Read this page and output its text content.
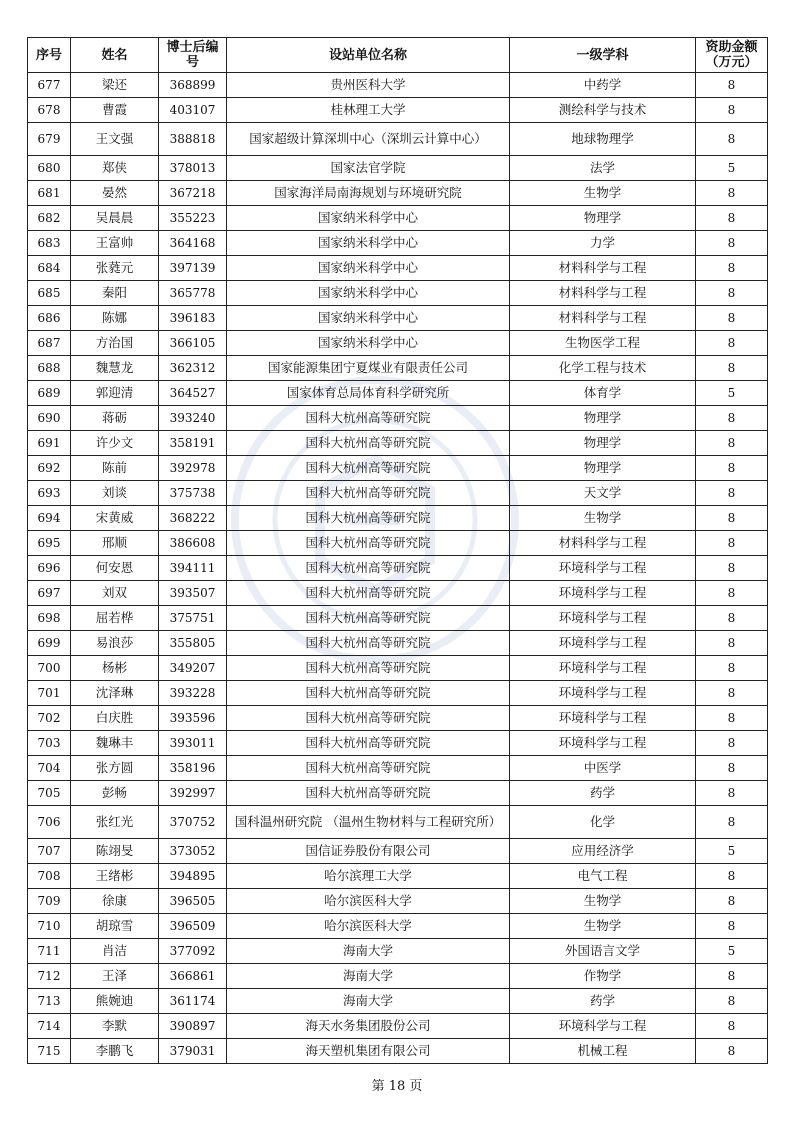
序号	姓名	博士后编号	设站单位名称	一级学科	资助金额（万元）
677	梁还	368899	贵州医科大学	中药学	8
678	曹霞	403107	桂林理工大学	测绘科学与技术	8
679	王文强	388818	国家超级计算深圳中心（深圳云计算中心）	地球物理学	8
680	郑侠	378013	国家法官学院	法学	5
681	晏然	367218	国家海洋局南海规划与环境研究院	生物学	8
682	吴晨晨	355223	国家纳米科学中心	物理学	8
683	王富帅	364168	国家纳米科学中心	力学	8
684	张蕤元	397139	国家纳米科学中心	材料科学与工程	8
685	秦阳	365778	国家纳米科学中心	材料科学与工程	8
686	陈娜	396183	国家纳米科学中心	材料科学与工程	8
687	方治国	366105	国家纳米科学中心	生物医学工程	8
688	魏慧龙	362312	国家能源集团宁夏煤业有限责任公司	化学工程与技术	8
689	郭迎清	364527	国家体育总局体育科学研究所	体育学	5
690	蒋砺	393240	国科大杭州高等研究院	物理学	8
691	许少文	358191	国科大杭州高等研究院	物理学	8
692	陈前	392978	国科大杭州高等研究院	物理学	8
693	刘谈	375738	国科大杭州高等研究院	天文学	8
694	宋黄威	368222	国科大杭州高等研究院	生物学	8
695	邢顺	386608	国科大杭州高等研究院	材料科学与工程	8
696	何安恩	394111	国科大杭州高等研究院	环境科学与工程	8
697	刘双	393507	国科大杭州高等研究院	环境科学与工程	8
698	屈若桦	375751	国科大杭州高等研究院	环境科学与工程	8
699	易浪莎	355805	国科大杭州高等研究院	环境科学与工程	8
700	杨彬	349207	国科大杭州高等研究院	环境科学与工程	8
701	沈泽琳	393228	国科大杭州高等研究院	环境科学与工程	8
702	白庆胜	393596	国科大杭州高等研究院	环境科学与工程	8
703	魏琳丰	393011	国科大杭州高等研究院	环境科学与工程	8
704	张方圆	358196	国科大杭州高等研究院	中医学	8
705	彭畅	392997	国科大杭州高等研究院	药学	8
706	张红光	370752	国科温州研究院 （温州生物材料与工程研究所）	化学	8
707	陈翊旻	373052	国信证券股份有限公司	应用经济学	5
708	王绪彬	394895	哈尔滨理工大学	电气工程	8
709	徐康	396505	哈尔滨医科大学	生物学	8
710	胡琼雪	396509	哈尔滨医科大学	生物学	8
711	肖洁	377092	海南大学	外国语言文学	5
712	王泽	366861	海南大学	作物学	8
713	熊婉迪	361174	海南大学	药学	8
714	李默	390897	海天水务集团股份公司	环境科学与工程	8
715	李鹏飞	379031	海天塑机集团有限公司	机械工程	8
第 18 页
